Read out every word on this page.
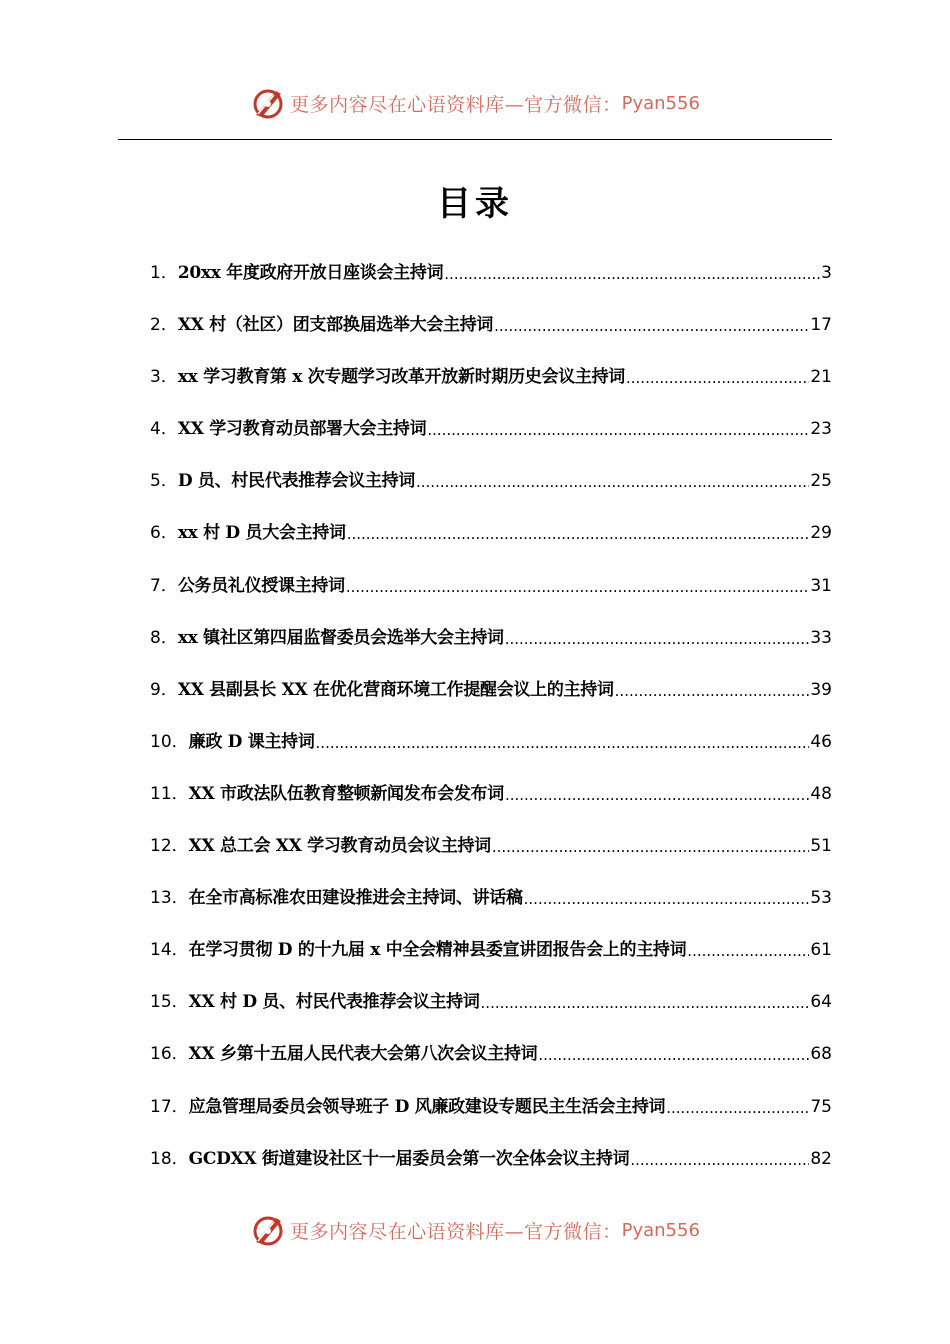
更多内容尽在心语资料库—官方微信： Pyan556
目录
1． 20xx 年度政府开放日座谈会主持词 .....	3
2． XX 村（社区）团支部换届选举大会主持词 .....	17
3． xx 学习教育第 x 次专题学习改革开放新时期历史会议主持词 .....	21
4． XX 学习教育动员部署大会主持词 .....	23
5． D 员、村民代表推荐会议主持词 .....	25
6． xx 村 D 员大会主持词 .....	29
7． 公务员礼仪授课主持词 .....	31
8． xx 镇社区第四届监督委员会选举大会主持词 .....	33
9． XX 县副县长 XX 在优化营商环境工作提醒会议上的主持词 .....	39
10． 廉政 D 课主持词 .....	46
11． XX 市政法队伍教育整顿新闻发布会发布词 .....	48
12． XX 总工会 XX 学习教育动员会议主持词 .....	51
13． 在全市高标准农田建设推进会主持词、讲话稿 .....	53
14． 在学习贯彻 D 的十九届 x 中全会精神县委宣讲团报告会上的主持词 .....	61
15． XX 村 D 员、村民代表推荐会议主持词 .....	64
16． XX 乡第十五届人民代表大会第八次会议主持词 .....	68
17． 应急管理局委员会领导班子 D 风廉政建设专题民主生活会主持词 .....	75
18． GCDXX 街道建设社区十一届委员会第一次全体会议主持词 .....	82
更多内容尽在心语资料库—官方微信： Pyan556
